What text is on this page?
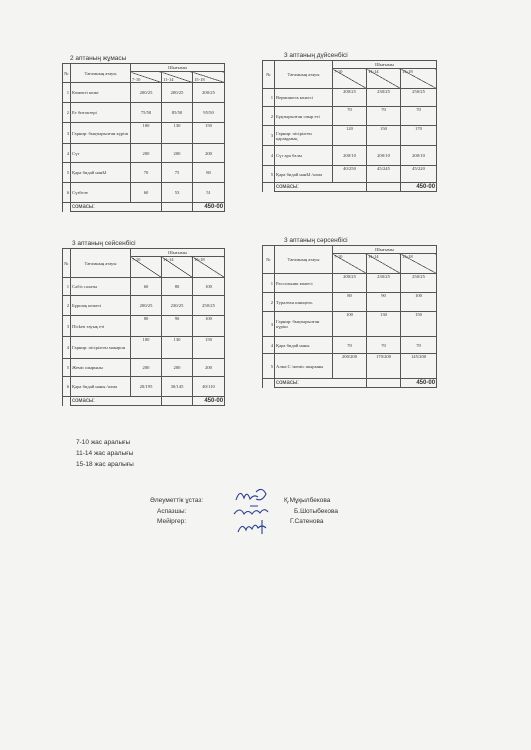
2 аптаның жұмасы
№	Тағамның атауы	Шығымы		
		7-10	11-14	15-18
1	Көмекті көже	200/25	200/25	200/25
2	Ет битоктері	75/50	85/50	95/50
3	Гарнир: бықтырылған күріш	100	130	150
4	Сүт	200	200	200
5	Қара бидай нанЫ	70	75	80
6	Сүзбеле	60	53	51
	сомасы:			450-00
3 аптаның дүйсенбісі
№	Тағамның атауы	Шығымы		
		7-10	11-14	15-18
1	Вермишель көжесі	200/25	230/25	250/25
2	Бұқтырылған сиыр еті	70	70	70
3	Гарнир: пісірілген қарақұмық	120	150	170
4	Сүт ара балы	200/10	200/10	200/10
5	Қара бидай нанЫ /алма	40/250	45/245	45/220
	сомасы:			450-00
3 аптаның сейсенбісі
№	Тағамның атауы	Шығымы		
		7-10	11-14	15-18
1	Сәбіз салаты	60	80	100
2	Бұршақ көжесі	200/25	230/25	250/25
3	Пісken тауық еті	80	90	100
4	Гарнир: пісірілген макарон	100	130	150
5	Жеміс шырыны	200	200	200
6	Қара бидай наны /алма	20/195	30/145	40/110
	сомасы:			450-00
3 аптаның сәрсенбісі
№	Тағамның атауы	Шығымы		
		7-10	11-14	15-18
1	Рассольник көжесі	200/25	230/25	250/25
2	Туралған шницель	80	90	100
3	Гарнир: бықтырылған күріш	100	130	150
4	Қара бидай наны	70	70	70
5	Алма С /жеміс шырыны	200/200	170/200	145/200
	сомасы:			450-00
7-10 жас аралығы
11-14 жас аралығы
15-18 жас аралығы
Әлеуметтік ұстаз:
Аспазшы:
Мейіргер:
Қ.Мұқылбекова
Б.Шотыбекова
Г.Сатенова
